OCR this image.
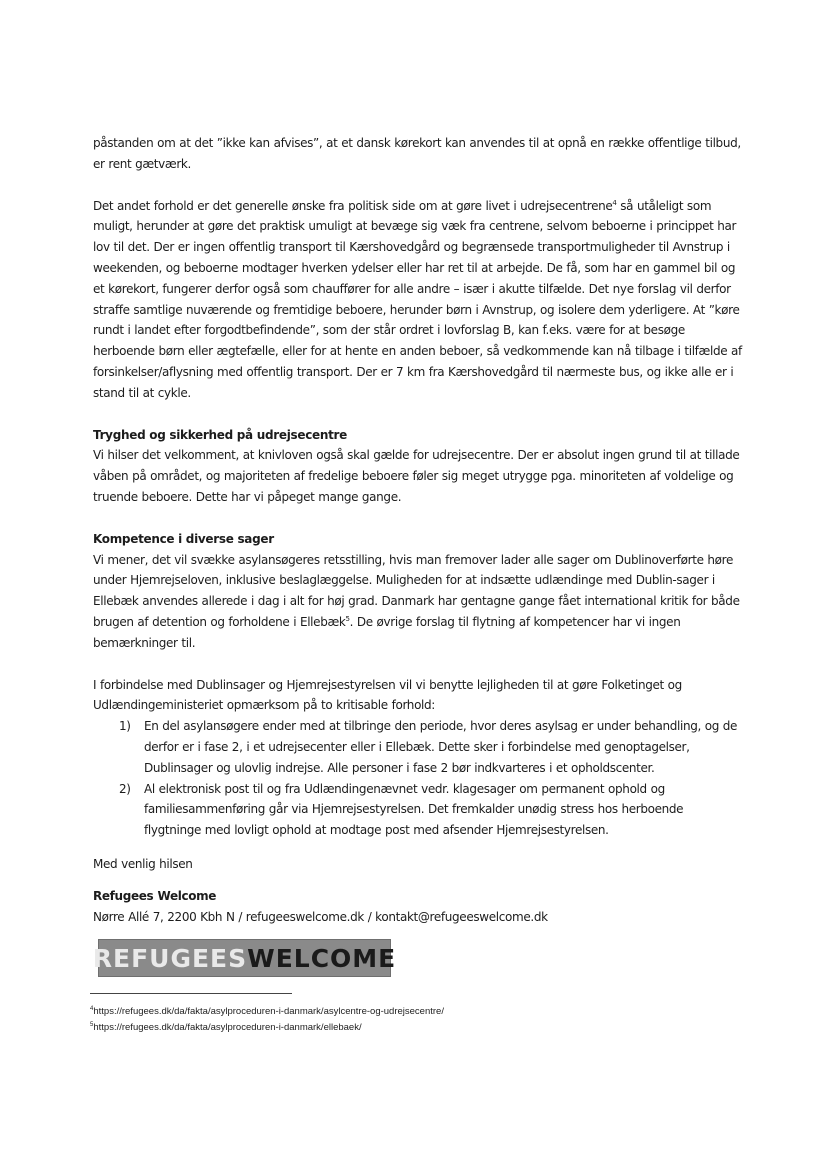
påstanden om at det ”ikke kan afvises”, at et dansk kørekort kan anvendes til at opnå en række offentlige tilbud, er rent gætværk.

Det andet forhold er det generelle ønske fra politisk side om at gøre livet i udrejsecentrene$^4$ så utåleligt som muligt, herunder at gøre det praktisk umuligt at bevæge sig væk fra centrene, selvom beboerne i princippet har lov til det. Der er ingen offentlig transport til Kærshovedgård og begrænsede transportmuligheder til Avnstrup i weekenden, og beboerne modtager hverken ydelser eller har ret til at arbejde. De få, som har en gammel bil og et kørekort, fungerer derfor også som chauffører for alle andre – især i akutte tilfælde. Det nye forslag vil derfor straffe samtlige nuværende og fremtidige beboere, herunder børn i Avnstrup, og isolere dem yderligere. At ”køre rundt i landet efter forgodtbefindende”, som der står ordret i lovforslag B, kan f.eks. være for at besøge herboende børn eller ægtefælle, eller for at hente en anden beboer, så vedkommende kan nå tilbage i tilfælde af forsinkelser/aflysning med offentlig transport. Der er 7 km fra Kærshovedgård til nærmeste bus, og ikke alle er i stand til at cykle.

Tryghed og sikkerhed på udrejsecentre

Vi hilser det velkomment, at knivloven også skal gælde for udrejsecentre. Der er absolut ingen grund til at tillade våben på området, og majoriteten af fredelige beboere føler sig meget utrygge pga. minoriteten af voldelige og truende beboere. Dette har vi påpeget mange gange.

Kompetence i diverse sager

Vi mener, det vil svække asylansøgeres retsstilling, hvis man fremover lader alle sager om Dublinoverførte høre under Hjemrejseloven, inklusive beslaglæggelse. Muligheden for at indsætte udlændinge med Dublin-sager i Ellebæk anvendes allerede i dag i alt for høj grad. Danmark har gentagne gange fået international kritik for både brugen af detention og forholdene i Ellebæk$^5$. De øvrige forslag til flytning af kompetencer har vi ingen bemærkninger til.

I forbindelse med Dublinsager og Hjemrejsestyrelsen vil vi benytte lejligheden til at gøre Folketinget og Udlændingeministeriet opmærksom på to kritisable forhold:

1) En del asylansøgere ender med at tilbringe den periode, hvor deres asylsag er under behandling, og de derfor er i fase 2, i et udrejsecenter eller i Ellebæk. Dette sker i forbindelse med genoptagelser, Dublinsager og ulovlig indrejse. Alle personer i fase 2 bør indkvarteres i et opholdscenter.
2) Al elektronisk post til og fra Udlændingenævnet vedr. klagesager om permanent ophold og familiesammenføring går via Hjemrejsestyrelsen. Det fremkalder unødig stress hos herboende flygtninge med lovligt ophold at modtage post med afsender Hjemrejsestyrelsen.

Med venlig hilsen

Refugees Welcome

Nørre Allé 7, 2200 Kbh N / refugeeswelcome.dk / kontakt@refugeeswelcome.dk

REFUGEESWELCOME

$^4$https://refugees.dk/da/fakta/asylproceduren-i-danmark/asylcentre-og-udrejsecentre/

$^5$https://refugees.dk/da/fakta/asylproceduren-i-danmark/ellebaek/
